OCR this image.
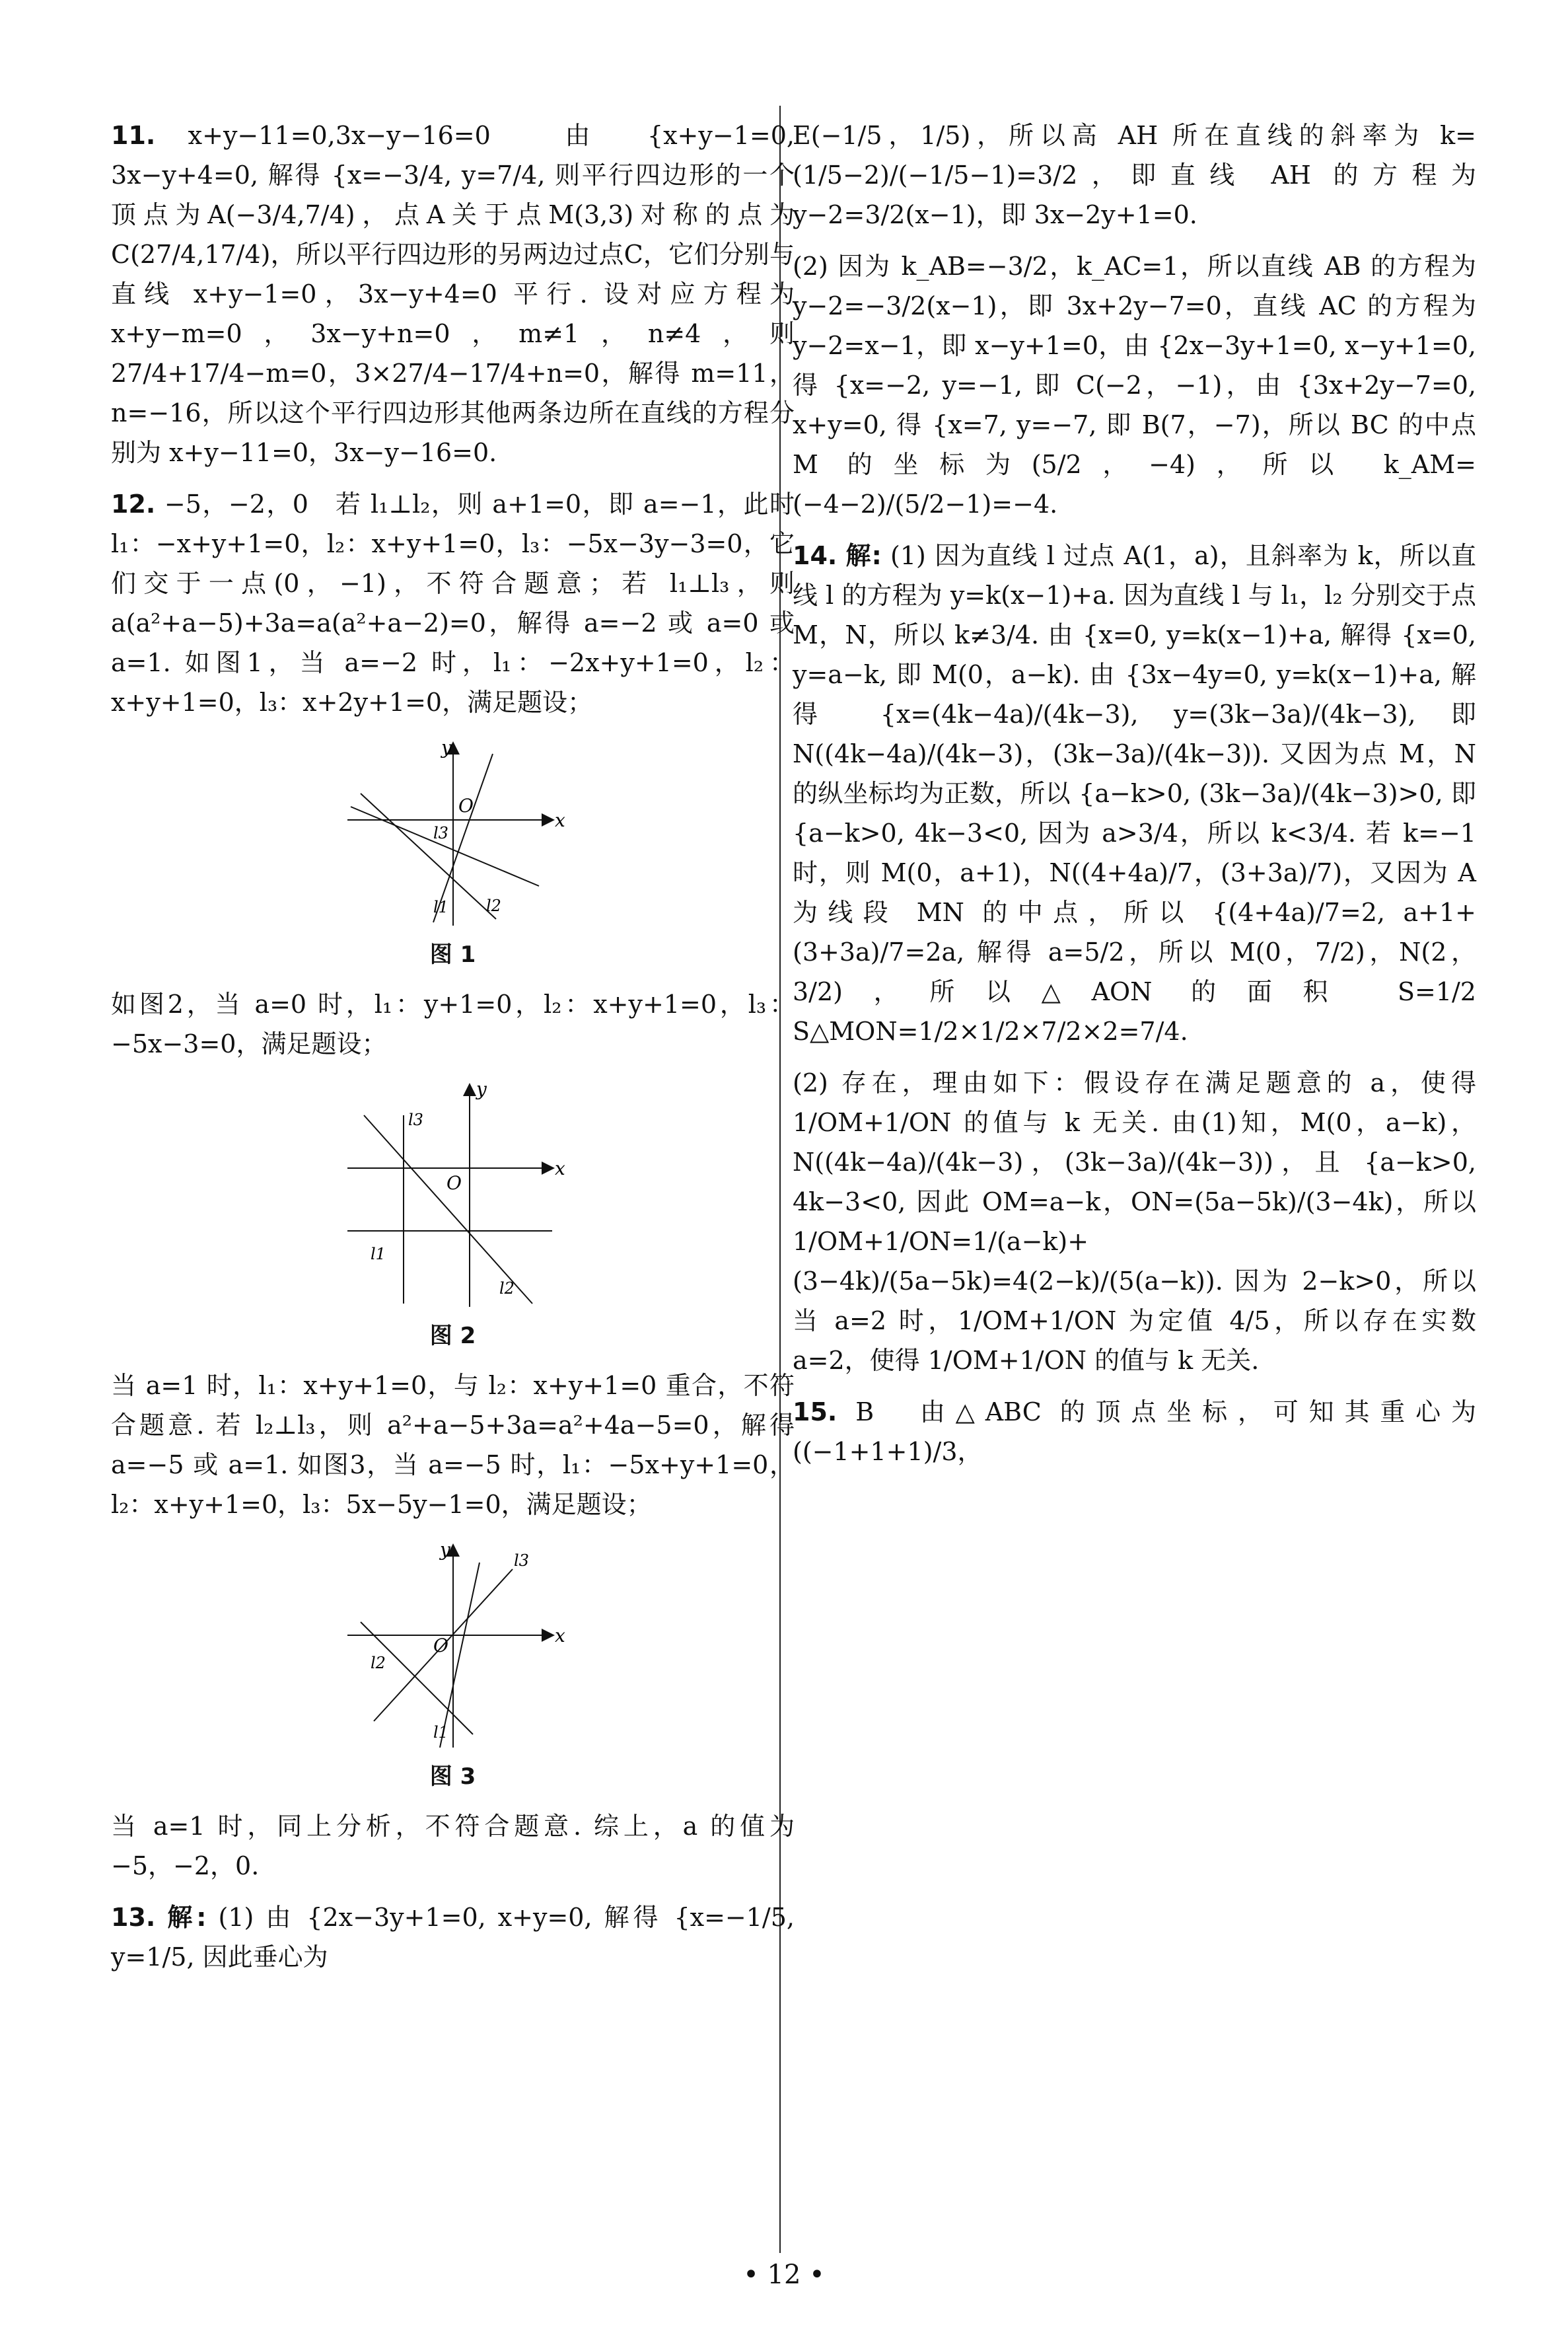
11. x+y−11=0,3x−y−16=0　由 {x+y−1=0, 3x−y+4=0, 解得 {x=−3/4, y=7/4, 则平行四边形的一个顶点为A(−3/4,7/4)，点A关于点M(3,3)对称的点为C(27/4,17/4)，所以平行四边形的另两边过点C，它们分别与直线 x+y−1=0，3x−y+4=0 平行. 设对应方程为 x+y−m=0，3x−y+n=0，m≠1，n≠4，则 27/4+17/4−m=0，3×27/4−17/4+n=0，解得 m=11，n=−16，所以这个平行四边形其他两条边所在直线的方程分别为 x+y−11=0，3x−y−16=0.

12. −5，−2，0　若 l₁⊥l₂，则 a+1=0，即 a=−1，此时 l₁：−x+y+1=0，l₂：x+y+1=0，l₃：−5x−3y−3=0，它们交于一点(0，−1)，不符合题意；若 l₁⊥l₃，则 a(a²+a−5)+3a=a(a²+a−2)=0，解得 a=−2 或 a=0 或 a=1. 如图1，当 a=−2 时，l₁：−2x+y+1=0，l₂：x+y+1=0，l₃：x+2y+1=0，满足题设；

x
y
O
l1 l2
l3
图 1

如图2，当 a=0 时，l₁：y+1=0，l₂：x+y+1=0，l₃：−5x−3=0，满足题设；

x
y
O
l1
l2
l3
图 2

当 a=1 时，l₁：x+y+1=0，与 l₂：x+y+1=0 重合，不符合题意. 若 l₂⊥l₃，则 a²+a−5+3a=a²+4a−5=0，解得 a=−5 或 a=1. 如图3，当 a=−5 时，l₁：−5x+y+1=0，l₂：x+y+1=0，l₃：5x−5y−1=0，满足题设；

x
y
O
l1
l2
l3
图 3

当 a=1 时，同上分析，不符合题意. 综上，a 的值为 −5，−2，0.

13. 解: (1) 由 {2x−3y+1=0, x+y=0, 解得 {x=−1/5, y=1/5, 因此垂心为

E(−1/5，1/5)，所以高 AH 所在直线的斜率为 k=(1/5−2)/(−1/5−1)=3/2，即直线 AH 的方程为 y−2=3/2(x−1)，即 3x−2y+1=0.

(2) 因为 k_AB=−3/2，k_AC=1，所以直线 AB 的方程为 y−2=−3/2(x−1)，即 3x+2y−7=0，直线 AC 的方程为 y−2=x−1，即 x−y+1=0，由 {2x−3y+1=0, x−y+1=0, 得 {x=−2, y=−1, 即 C(−2，−1)，由 {3x+2y−7=0, x+y=0, 得 {x=7, y=−7, 即 B(7，−7)，所以 BC 的中点 M 的坐标为(5/2，−4)，所以 k_AM=(−4−2)/(5/2−1)=−4.

14. 解: (1) 因为直线 l 过点 A(1，a)，且斜率为 k，所以直线 l 的方程为 y=k(x−1)+a. 因为直线 l 与 l₁，l₂ 分别交于点 M，N，所以 k≠3/4. 由 {x=0, y=k(x−1)+a, 解得 {x=0, y=a−k, 即 M(0，a−k). 由 {3x−4y=0, y=k(x−1)+a, 解得 {x=(4k−4a)/(4k−3), y=(3k−3a)/(4k−3), 即 N((4k−4a)/(4k−3)，(3k−3a)/(4k−3)). 又因为点 M，N 的纵坐标均为正数，所以 {a−k>0, (3k−3a)/(4k−3)>0, 即 {a−k>0, 4k−3<0, 因为 a>3/4，所以 k<3/4. 若 k=−1 时，则 M(0，a+1)，N((4+4a)/7，(3+3a)/7)，又因为 A 为线段 MN 的中点，所以 {(4+4a)/7=2, a+1+(3+3a)/7=2a, 解得 a=5/2，所以 M(0，7/2)，N(2，3/2)，所以△AON 的面积 S=1/2 S△MON=1/2×1/2×7/2×2=7/4.

(2) 存在，理由如下：假设存在满足题意的 a，使得 1/OM+1/ON 的值与 k 无关. 由(1)知，M(0，a−k)，N((4k−4a)/(4k−3)，(3k−3a)/(4k−3))，且 {a−k>0, 4k−3<0, 因此 OM=a−k，ON=(5a−5k)/(3−4k)，所以 1/OM+1/ON=1/(a−k)+(3−4k)/(5a−5k)=4(2−k)/(5(a−k)). 因为 2−k>0，所以当 a=2 时，1/OM+1/ON 为定值 4/5，所以存在实数 a=2，使得 1/OM+1/ON 的值与 k 无关.

15. B　由△ABC 的顶点坐标，可知其重心为((−1+1+1)/3，

• 12 •
